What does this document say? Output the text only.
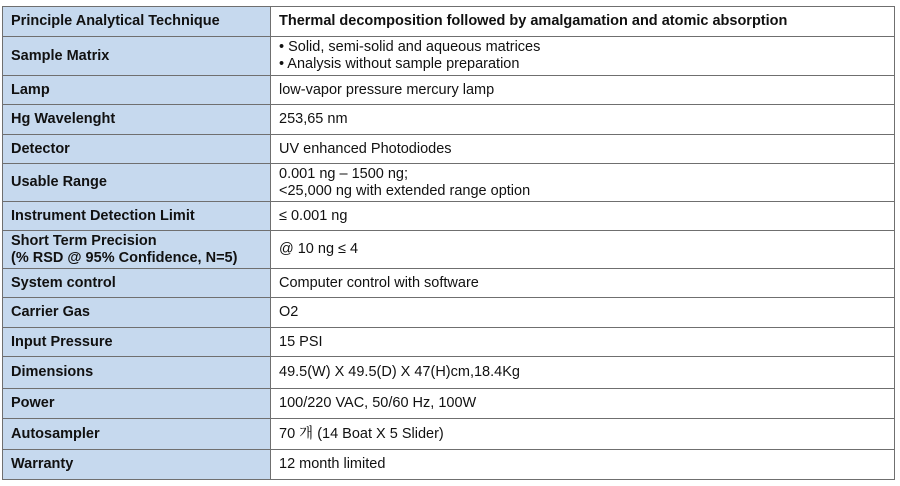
Principle Analytical Technique	Thermal decomposition followed by amalgamation and atomic absorption

Sample Matrix	• Solid, semi-solid and aqueous matrices
• Analysis without sample preparation

Lamp	low-vapor pressure mercury lamp

Hg Wavelenght	253,65 nm

Detector	UV enhanced Photodiodes

Usable Range	0.001 ng – 1500 ng;
<25,000 ng with extended range option

Instrument Detection Limit	≤ 0.001 ng

Short Term Precision
(% RSD @ 95% Confidence, N=5)	@ 10 ng ≤ 4

System control	Computer control with software

Carrier Gas	O2

Input Pressure	15 PSI

Dimensions	49.5(W) X 49.5(D) X 47(H)cm,18.4Kg

Power	100/220 VAC, 50/60 Hz, 100W

Autosampler	70 개 (14 Boat X 5 Slider)

Warranty	12 month limited
